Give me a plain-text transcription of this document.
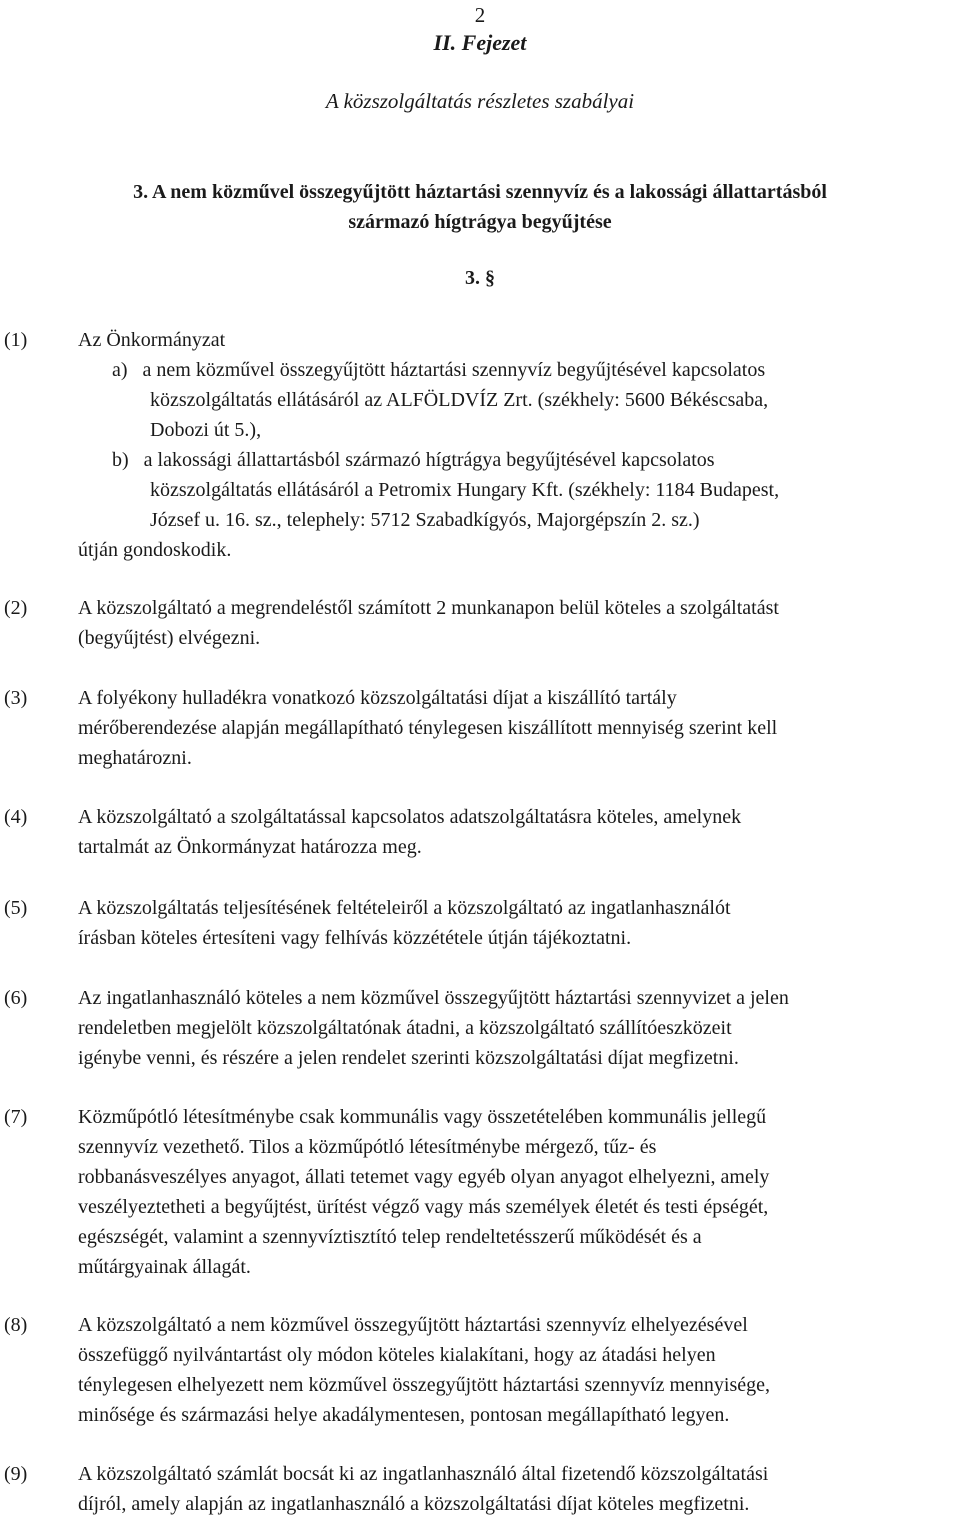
2
II. Fejezet
A közszolgáltatás részletes szabályai
3. A nem közművel összegyűjtött háztartási szennyvíz és a lakossági állattartásból
származó hígtrágya begyűjtése
3. §
(1)	Az Önkormányzat
a) a nem közművel összegyűjtött háztartási szennyvíz begyűjtésével kapcsolatos
közszolgáltatás ellátásáról az ALFÖLDVÍZ Zrt. (székhely: 5600 Békéscsaba,
Dobozi út 5.),
b) a lakossági állattartásból származó hígtrágya begyűjtésével kapcsolatos
közszolgáltatás ellátásáról a Petromix Hungary Kft. (székhely: 1184 Budapest,
József u. 16. sz., telephely: 5712 Szabadkígyós, Majorgépszín 2. sz.)
útján gondoskodik.
(2)	A közszolgáltató a megrendeléstől számított 2 munkanapon belül köteles a szolgáltatást
(begyűjtést) elvégezni.
(3)	A folyékony hulladékra vonatkozó közszolgáltatási díjat a kiszállító tartály
mérőberendezése alapján megállapítható ténylegesen kiszállított mennyiség szerint kell
meghatározni.
(4)	A közszolgáltató a szolgáltatással kapcsolatos adatszolgáltatásra köteles, amelynek
tartalmát az Önkormányzat határozza meg.
(5)	A közszolgáltatás teljesítésének feltételeiről a közszolgáltató az ingatlanhasználót
írásban köteles értesíteni vagy felhívás közzététele útján tájékoztatni.
(6)	Az ingatlanhasználó köteles a nem közművel összegyűjtött háztartási szennyvizet a jelen
rendeletben megjelölt közszolgáltatónak átadni, a közszolgáltató szállítóeszközeit
igénybe venni, és részére a jelen rendelet szerinti közszolgáltatási díjat megfizetni.
(7)	Közműpótló létesítménybe csak kommunális vagy összetételében kommunális jellegű
szennyvíz vezethető. Tilos a közműpótló létesítménybe mérgező, tűz- és
robbanásveszélyes anyagot, állati tetemet vagy egyéb olyan anyagot elhelyezni, amely
veszélyeztetheti a begyűjtést, ürítést végző vagy más személyek életét és testi épségét,
egészségét, valamint a szennyvíztisztító telep rendeltetésszerű működését és a
műtárgyainak állagát.
(8)	A közszolgáltató a nem közművel összegyűjtött háztartási szennyvíz elhelyezésével
összefüggő nyilvántartást oly módon köteles kialakítani, hogy az átadási helyen
ténylegesen elhelyezett nem közművel összegyűjtött háztartási szennyvíz mennyisége,
minősége és származási helye akadálymentesen, pontosan megállapítható legyen.
(9)	A közszolgáltató számlát bocsát ki az ingatlanhasználó által fizetendő közszolgáltatási
díjról, amely alapján az ingatlanhasználó a közszolgáltatási díjat köteles megfizetni.
